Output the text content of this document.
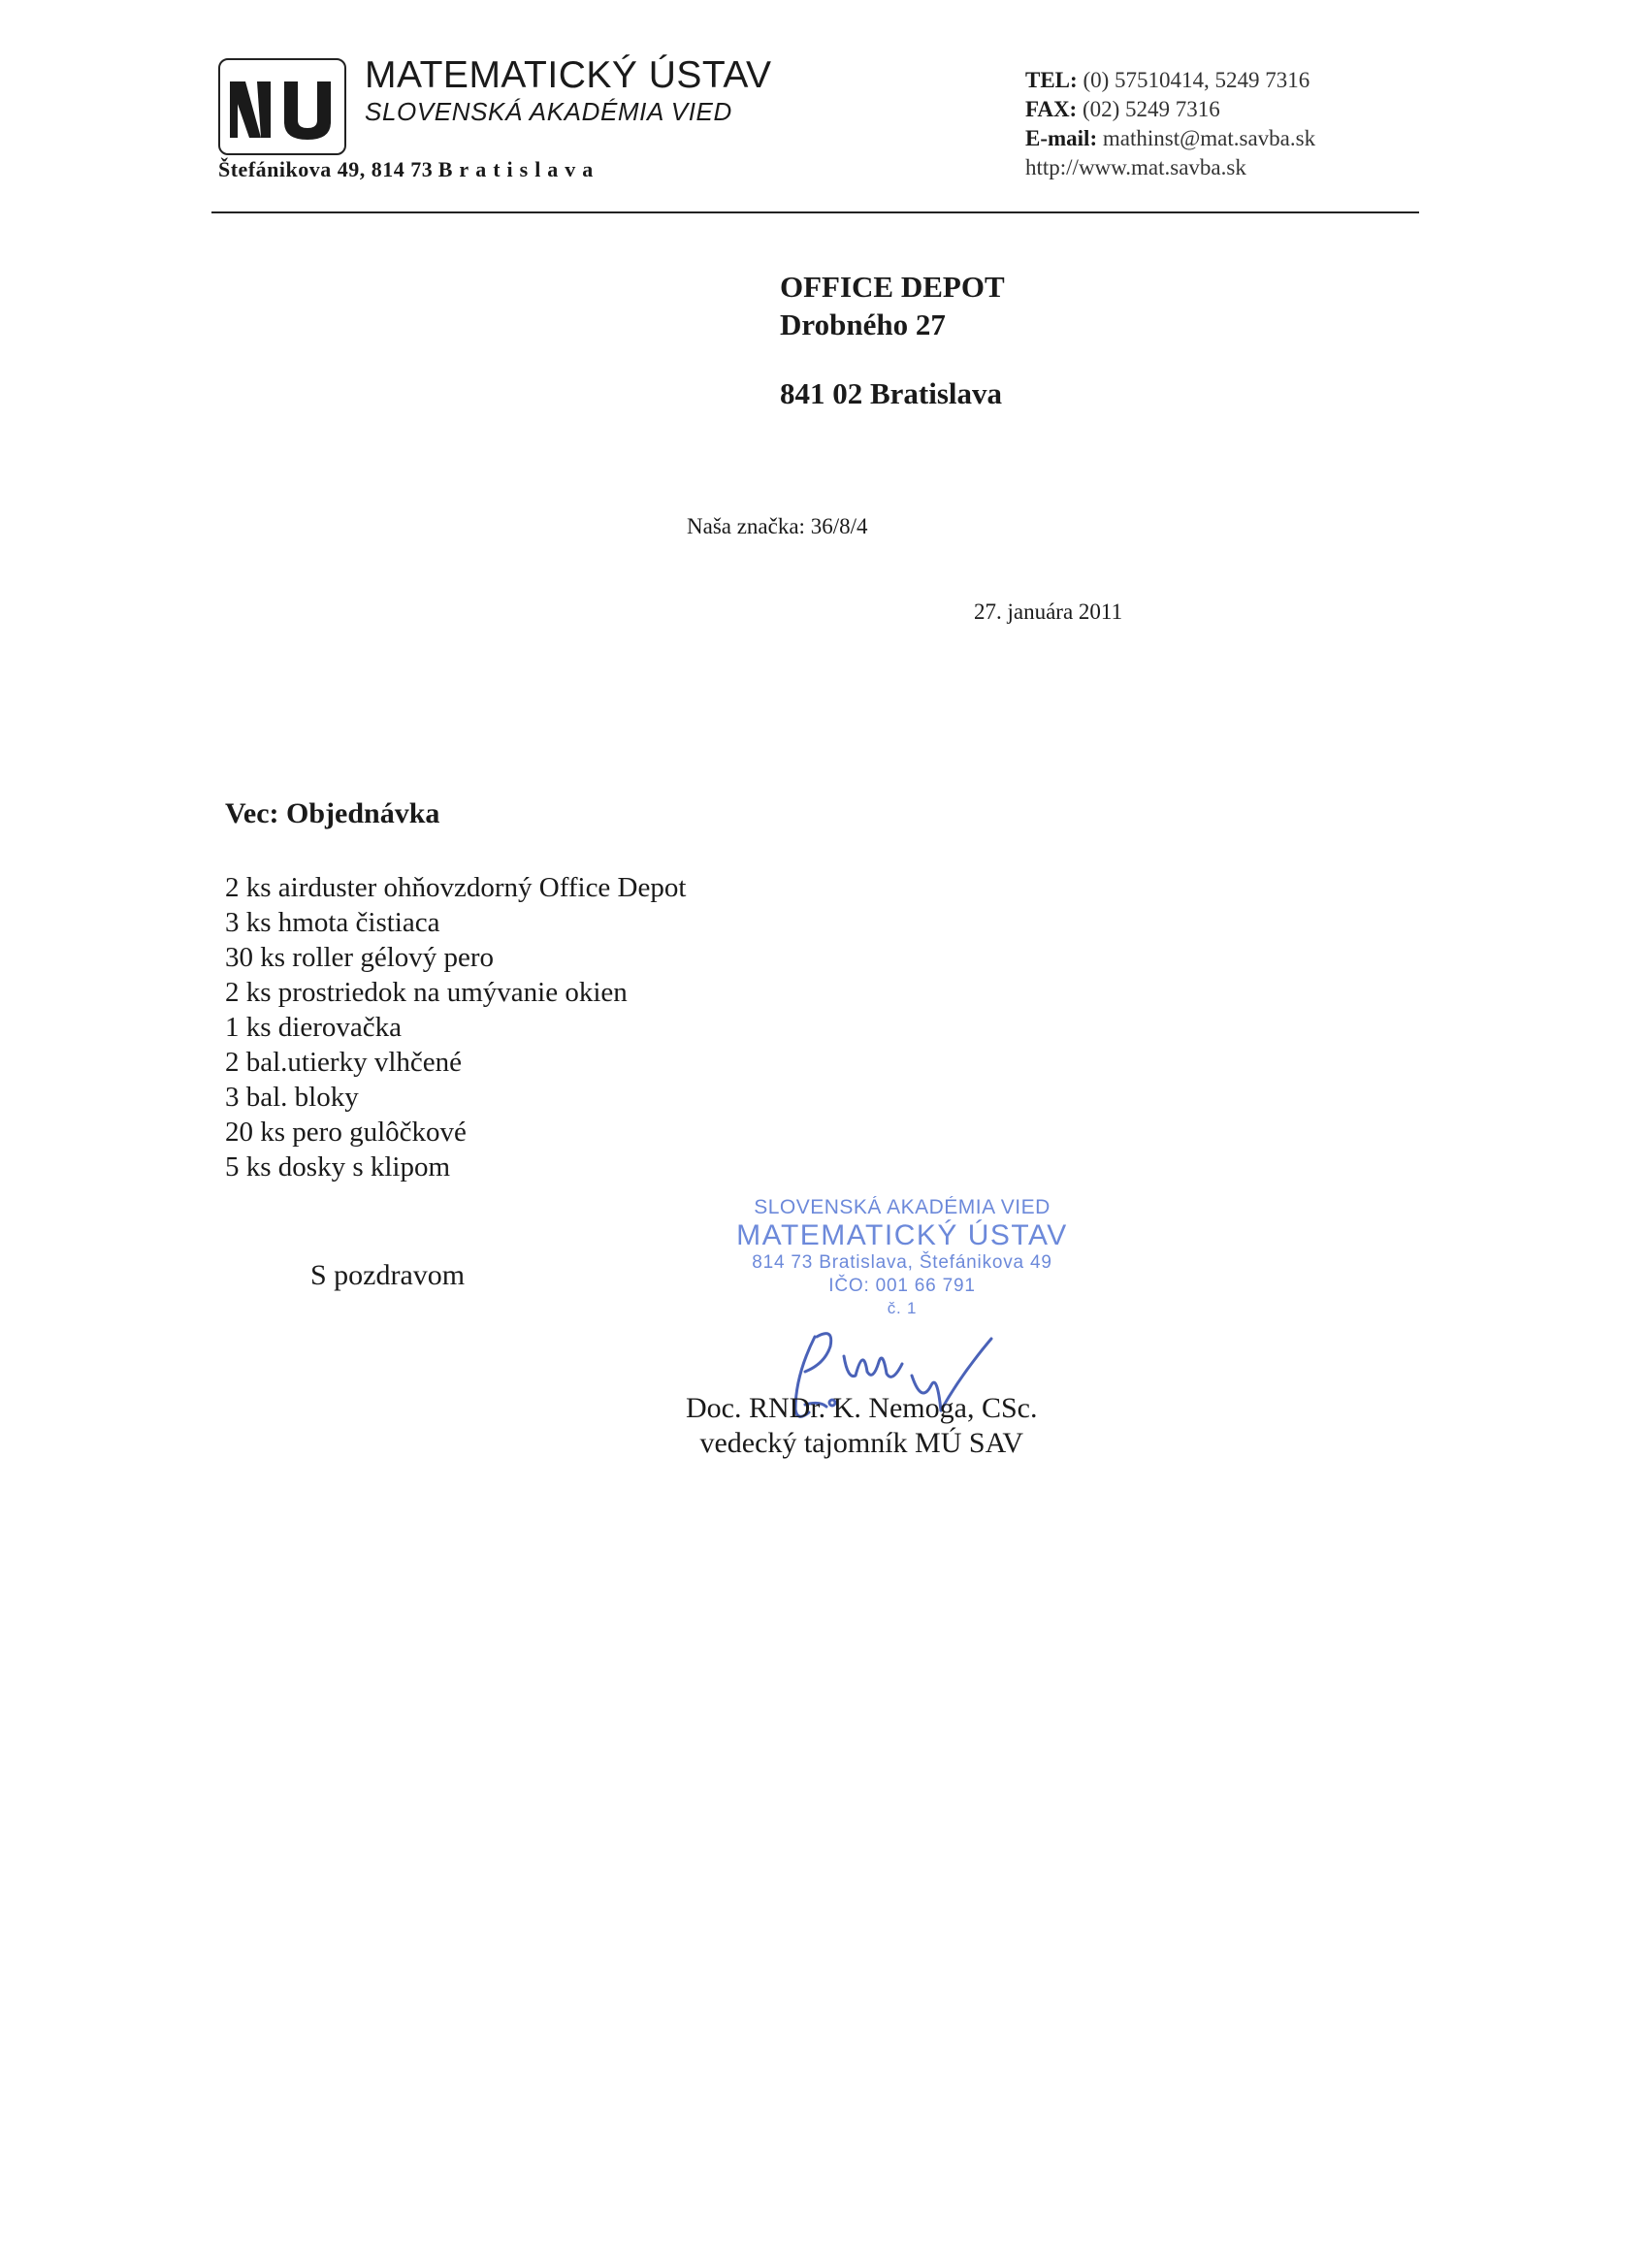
MATEMATICKÝ ÚSTAV
SLOVENSKÁ AKADÉMIA VIED
Štefánikova 49, 814 73 Bratislava
TEL: (0) 57510414, 5249 7316
FAX: (02) 5249 7316
E-mail: mathinst@mat.savba.sk
http://www.mat.savba.sk
OFFICE DEPOT
Drobného 27
841 02 Bratislava
Naša značka: 36/8/4
27. januára 2011
Vec: Objednávka
2 ks airduster ohňovzdorný Office Depot
3 ks hmota čistiaca
30 ks roller gélový pero
2 ks prostriedok na umývanie okien
1 ks dierovačka
2 bal.utierky vlhčené
3 bal. bloky
20 ks pero gulôčkové
5 ks dosky s klipom
S pozdravom
SLOVENSKÁ AKADÉMIA VIED
MATEMATICKÝ ÚSTAV
814 73 Bratislava, Štefánikova 49
IČO: 001 66 791
č. 1
Doc. RNDr. K. Nemoga, CSc.
vedecký tajomník MÚ SAV
